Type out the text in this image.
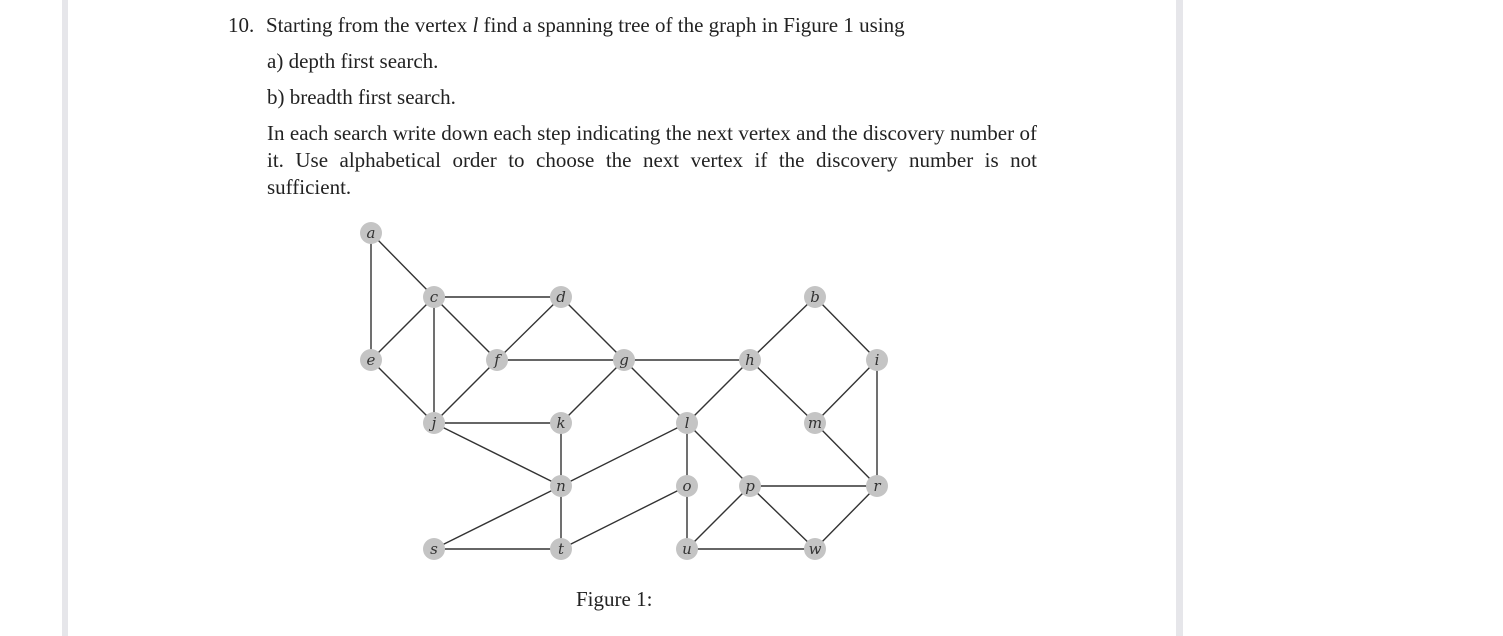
10. Starting from the vertex l find a spanning tree of the graph in Figure 1 using
a) depth first search.
b) breadth first search.
In each search write down each step indicating the next vertex and the discovery number of it. Use alphabetical order to choose the next vertex if the discovery number is not sufficient.
a
b
c	d
e	f	g	h	i
j	k	l	m
n	o	p	r
s	t	u	w
Figure 1:
